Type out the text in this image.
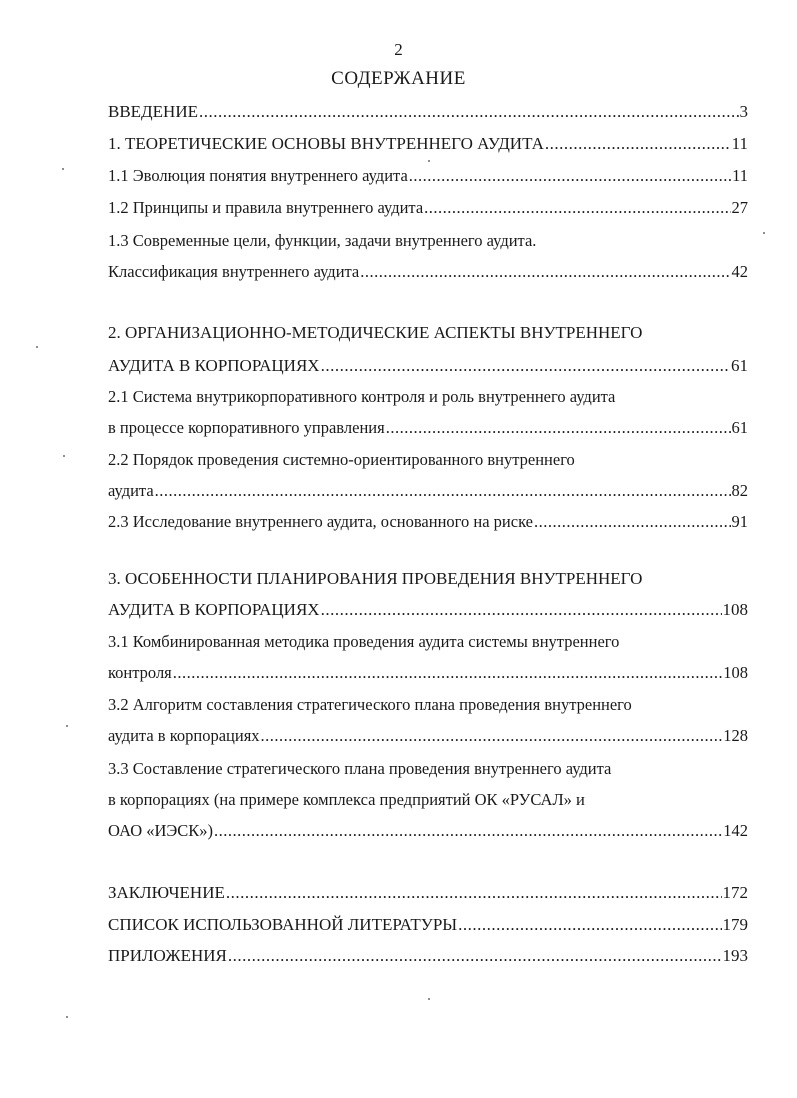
2
СОДЕРЖАНИЕ
ВВЕДЕНИЕ .....	3
1. ТЕОРЕТИЧЕСКИЕ ОСНОВЫ ВНУТРЕННЕГО АУДИТА .....	11
1.1 Эволюция понятия внутреннего аудита .....	11
1.2 Принципы и правила внутреннего аудита .....	27
1.3 Современные цели, функции, задачи внутреннего аудита.
Классификация внутреннего аудита .....	42
2. ОРГАНИЗАЦИОННО-МЕТОДИЧЕСКИЕ АСПЕКТЫ ВНУТРЕННЕГО
АУДИТА В КОРПОРАЦИЯХ .....	61
2.1 Система внутрикорпоративного контроля и роль внутреннего аудита
в процессе корпоративного управления .....	61
2.2 Порядок проведения системно-ориентированного внутреннего
аудита .....	82
2.3 Исследование внутреннего аудита, основанного на риске .....	91
3. ОСОБЕННОСТИ ПЛАНИРОВАНИЯ ПРОВЕДЕНИЯ ВНУТРЕННЕГО
АУДИТА В КОРПОРАЦИЯХ .....	108
3.1 Комбинированная методика проведения аудита системы внутреннего
контроля .....	108
3.2 Алгоритм составления стратегического плана проведения внутреннего
аудита в корпорациях .....	128
3.3 Составление стратегического плана проведения внутреннего аудита
в корпорациях (на примере комплекса предприятий ОК «РУСАЛ» и
ОАО «ИЭСК») .....	142
ЗАКЛЮЧЕНИЕ .....	172
СПИСОК ИСПОЛЬЗОВАННОЙ ЛИТЕРАТУРЫ .....	179
ПРИЛОЖЕНИЯ .....	193
